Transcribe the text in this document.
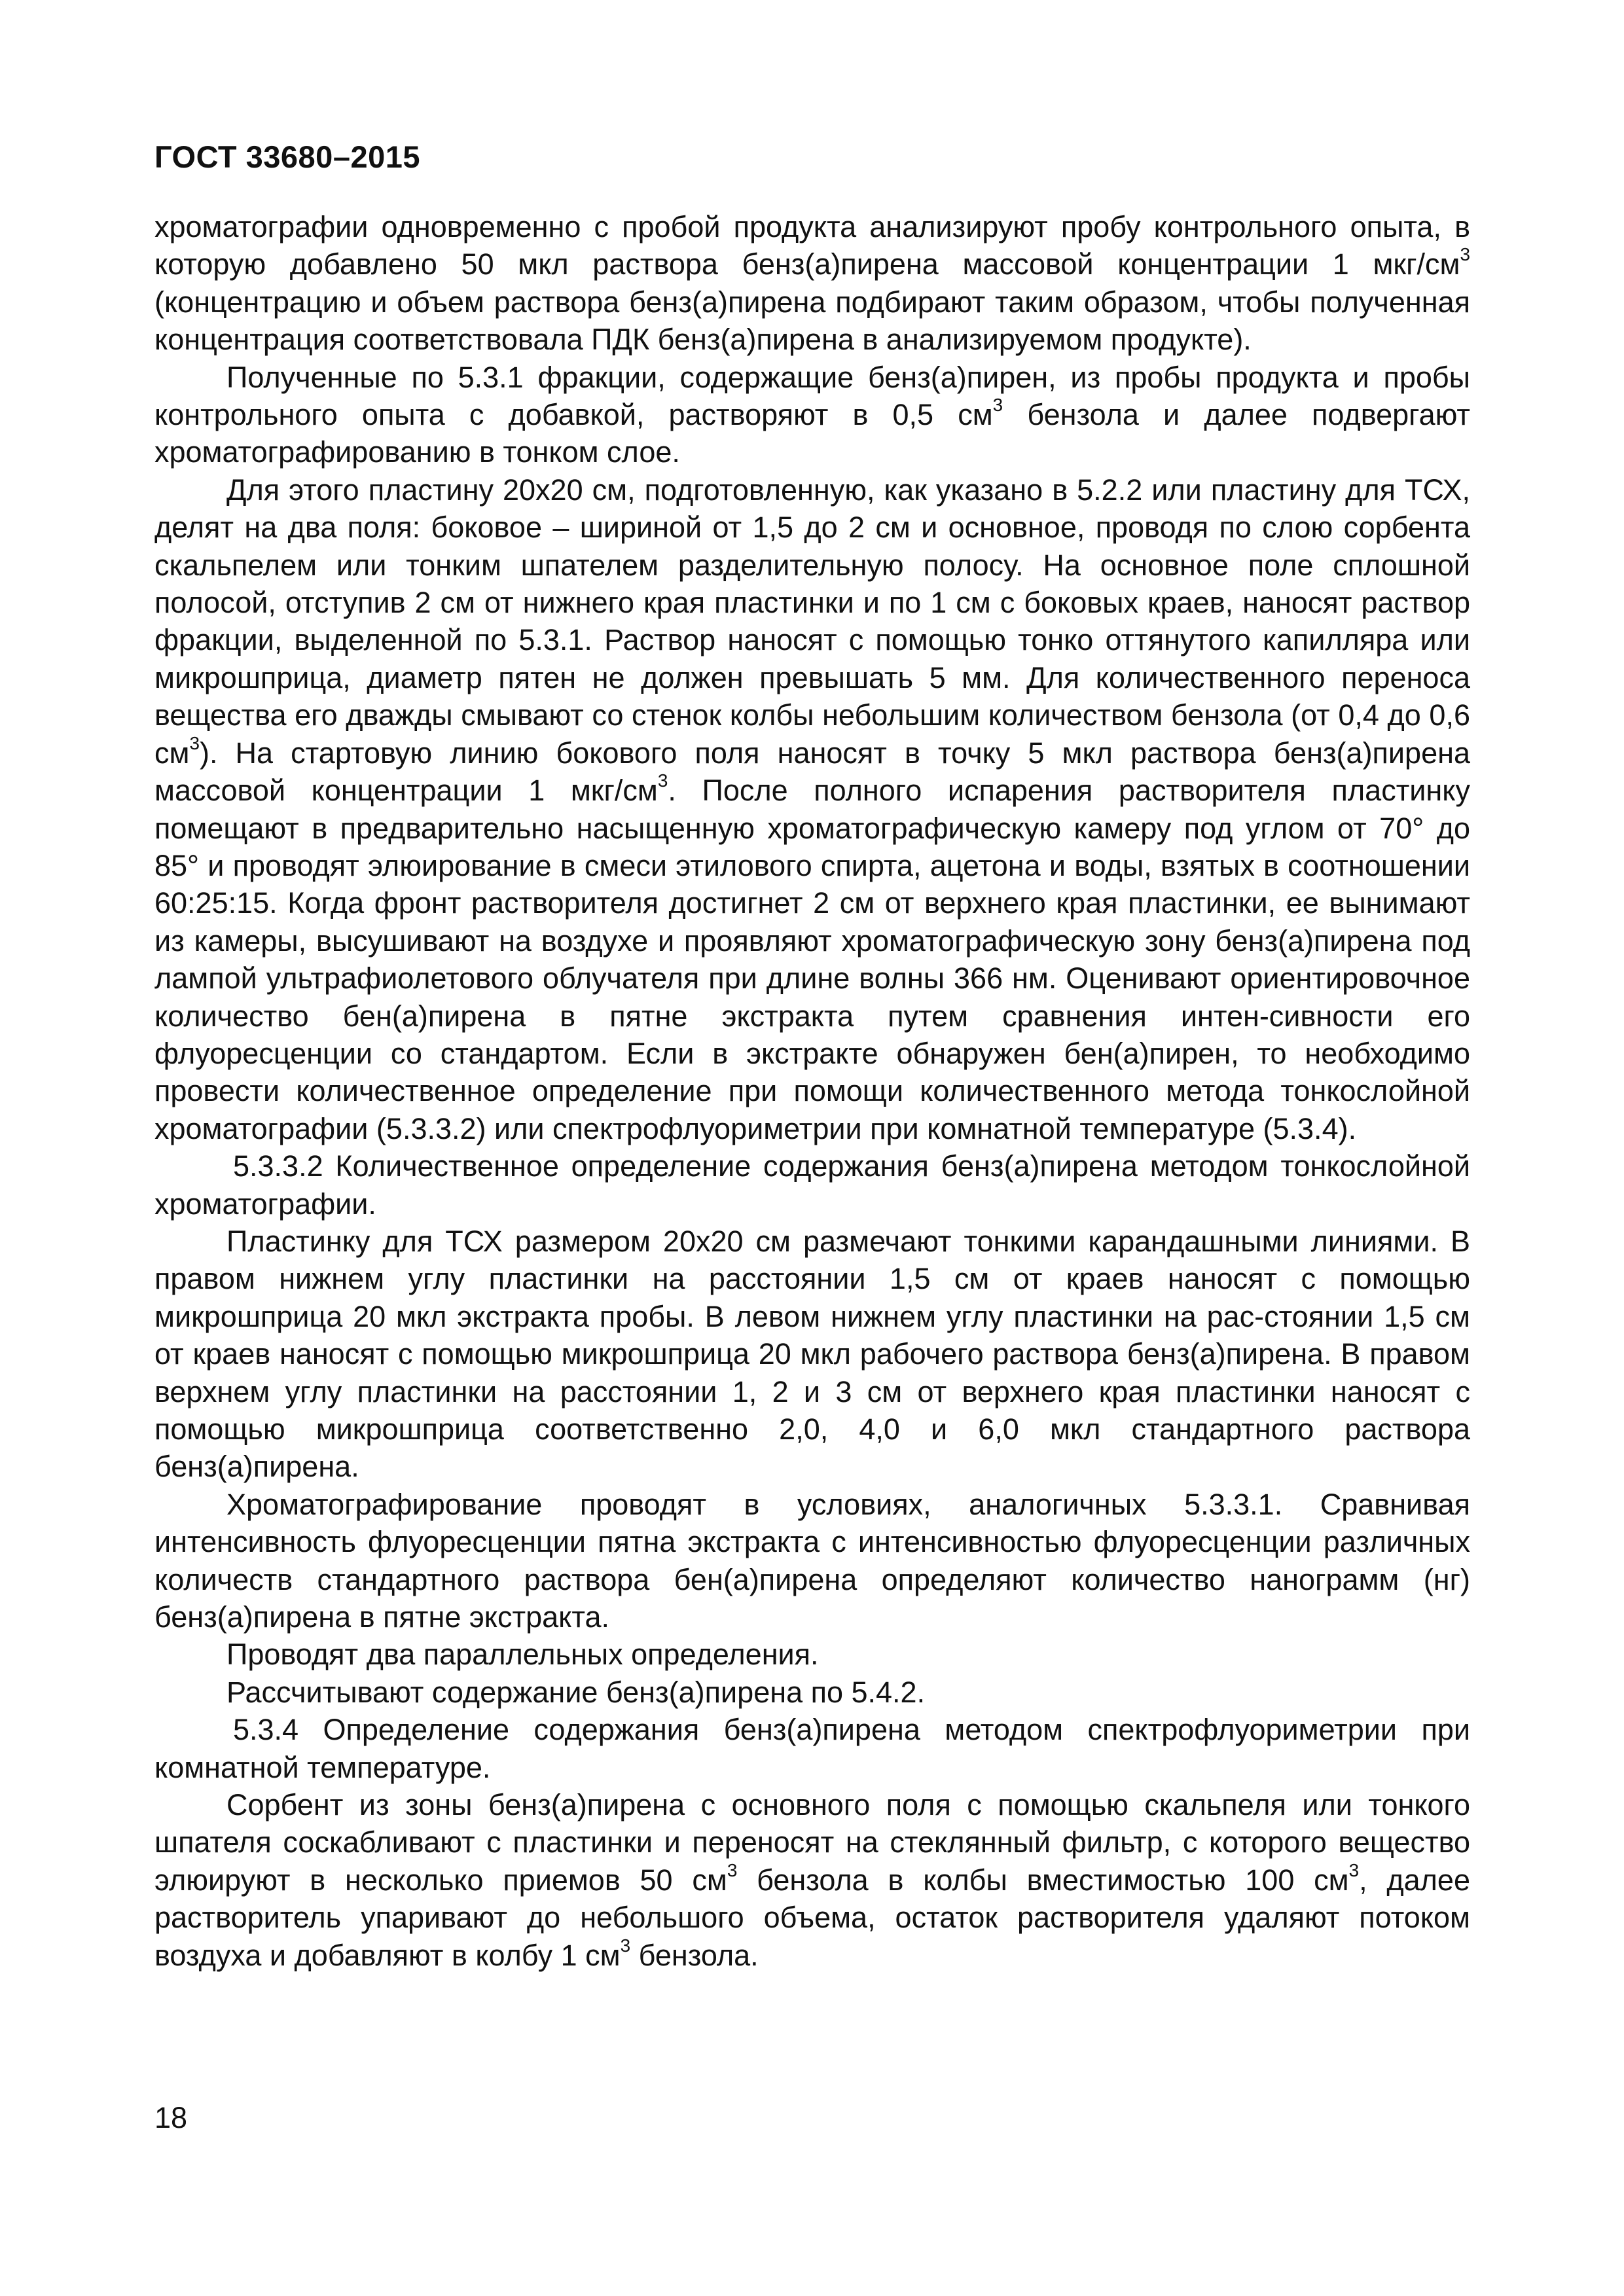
ГОСТ 33680–2015

хроматографии одновременно с пробой продукта анализируют пробу контрольного опыта, в которую добавлено 50 мкл раствора бенз(а)пирена массовой концентрации 1 мкг/$см^3$ (концентрацию и объем раствора бенз(а)пирена подбирают таким образом, чтобы полученная концентрация соответствовала ПДК бенз(а)пирена в анализируемом продукте).

Полученные по 5.3.1 фракции, содержащие бенз(а)пирен, из пробы продукта и пробы контрольного опыта с добавкой, растворяют в 0,5 $см^3$ бензола и далее подвергают хроматографированию в тонком слое.

Для этого пластину 20х20 см, подготовленную, как указано в 5.2.2 или пластину для ТСХ, делят на два поля: боковое – шириной от 1,5 до 2 см и основное, проводя по слою сорбента скальпелем или тонким шпателем разделительную полосу. На основное поле сплошной полосой, отступив 2 см от нижнего края пластинки и по 1 см с боковых краев, наносят раствор фракции, выделенной по 5.3.1. Раствор наносят с помощью тонко оттянутого капилляра или микрошприца, диаметр пятен не должен превышать 5 мм. Для количественного переноса вещества его дважды смывают со стенок колбы небольшим количеством бензола (от 0,4 до 0,6 $см^3$). На стартовую линию бокового поля наносят в точку 5 мкл раствора бенз(а)пирена массовой концентрации 1 мкг/$см^3$. После полного испарения растворителя пластинку помещают в предварительно насыщенную хроматографическую камеру под углом от 70° до 85° и проводят элюирование в смеси этилового спирта, ацетона и воды, взятых в соотношении 60:25:15. Когда фронт растворителя достигнет 2 см от верхнего края пластинки, ее вынимают из камеры, высушивают на воздухе и проявляют хроматографическую зону бенз(а)пирена под лампой ультрафиолетового облучателя при длине волны 366 нм. Оценивают ориентировочное количество бен(а)пирена в пятне экстракта путем сравнения интен-сивности его флуоресценции со стандартом. Если в экстракте обнаружен бен(а)пирен, то необходимо провести количественное определение при помощи количественного метода тонкослойной хроматографии (5.3.3.2) или спектрофлуориметрии при комнатной температуре (5.3.4).

5.3.3.2 Количественное определение содержания бенз(а)пирена методом тонкослойной хроматографии.

Пластинку для ТСХ размером 20х20 см размечают тонкими карандашными линиями. В правом нижнем углу пластинки на расстоянии 1,5 см от краев наносят с помощью микрошприца 20 мкл экстракта пробы. В левом нижнем углу пластинки на рас-стоянии 1,5 см от краев наносят с помощью микрошприца 20 мкл рабочего раствора бенз(а)пирена. В правом верхнем углу пластинки на расстоянии 1, 2 и 3 см от верхнего края пластинки наносят с помощью микрошприца соответственно 2,0, 4,0 и 6,0 мкл стандартного раствора бенз(а)пирена.

Хроматографирование проводят в условиях, аналогичных 5.3.3.1. Сравнивая интенсивность флуоресценции пятна экстракта с интенсивностью флуоресценции различных количеств стандартного раствора бен(а)пирена определяют количество нанограмм (нг) бенз(а)пирена в пятне экстракта.

Проводят два параллельных определения.

Рассчитывают содержание бенз(а)пирена по 5.4.2.

5.3.4 Определение содержания бенз(а)пирена методом спектрофлуориметрии при комнатной температуре.

Сорбент из зоны бенз(а)пирена с основного поля с помощью скальпеля или тонкого шпателя соскабливают с пластинки и переносят на стеклянный фильтр, с которого вещество элюируют в несколько приемов 50 $см^3$ бензола в колбы вместимостью 100 $см^3$, далее растворитель упаривают до небольшого объема, остаток растворителя удаляют потоком воздуха и добавляют в колбу 1 $см^3$ бензола.

18
